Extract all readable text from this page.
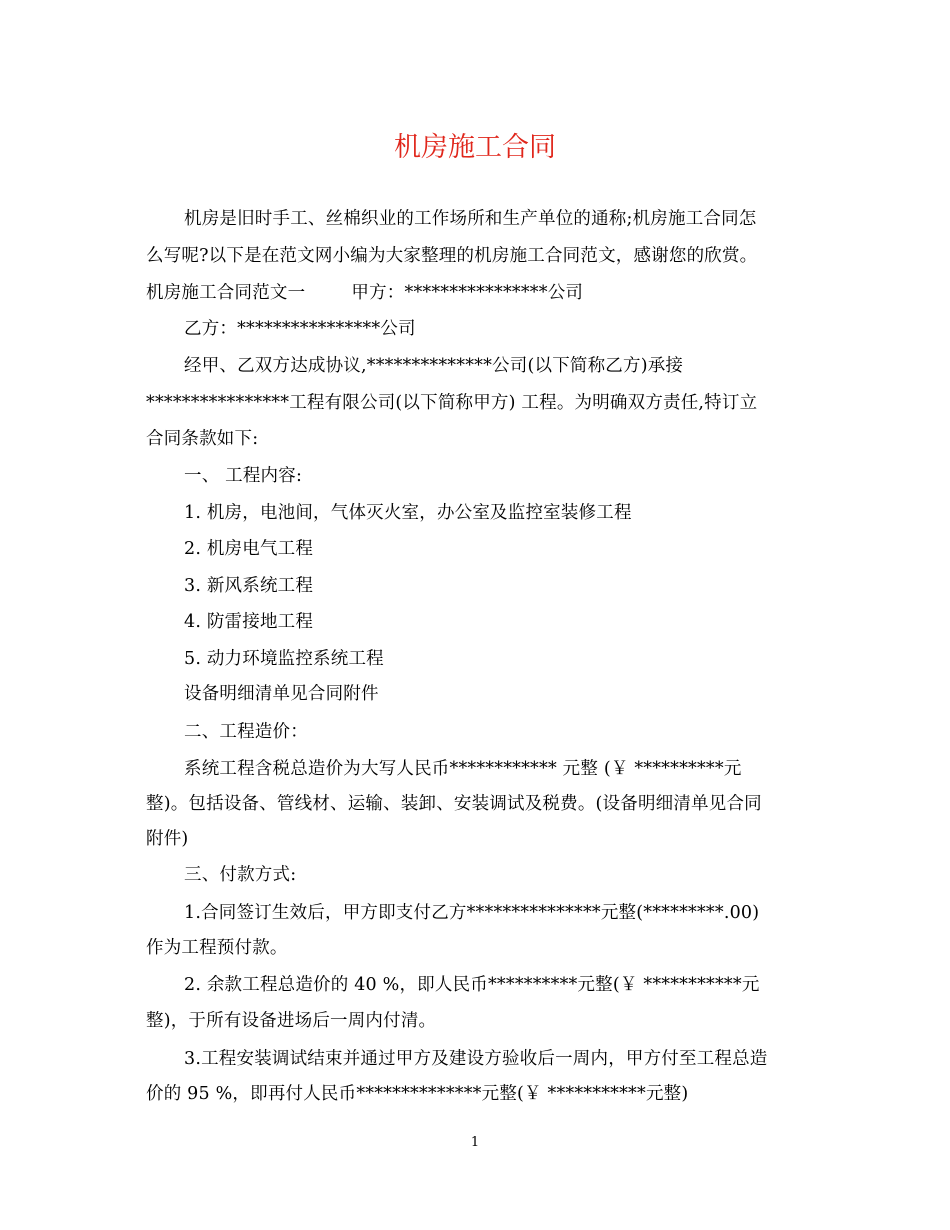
机房施工合同
机房是旧时手工、丝棉织业的工作场所和生产单位的通称;机房施工合同怎
么写呢?以下是在范文网小编为大家整理的机房施工合同范文，感谢您的欣赏。
机房施工合同范文一        甲方：****************公司
乙方：****************公司
经甲、乙双方达成协议,**************公司(以下简称乙方)承接
****************工程有限公司(以下简称甲方) 工程。为明确双方责任,特订立
合同条款如下:
一、 工程内容:
1. 机房，电池间，气体灭火室，办公室及监控室装修工程
2. 机房电气工程
3. 新风系统工程
4. 防雷接地工程
5. 动力环境监控系统工程
设备明细清单见合同附件
二、工程造价：
系统工程含税总造价为大写人民币************ 元整 (￥ **********元
整)。包括设备、管线材、运输、装卸、安装调试及税费。(设备明细清单见合同
附件)
三、付款方式:
1.合同签订生效后，甲方即支付乙方***************元整(*********.00)
作为工程预付款。
2. 余款工程总造价的 40 %，即人民币**********元整(￥ ***********元
整)，于所有设备进场后一周内付清。
3.工程安装调试结束并通过甲方及建设方验收后一周内，甲方付至工程总造
价的 95 %，即再付人民币**************元整(￥ ***********元整)
1
